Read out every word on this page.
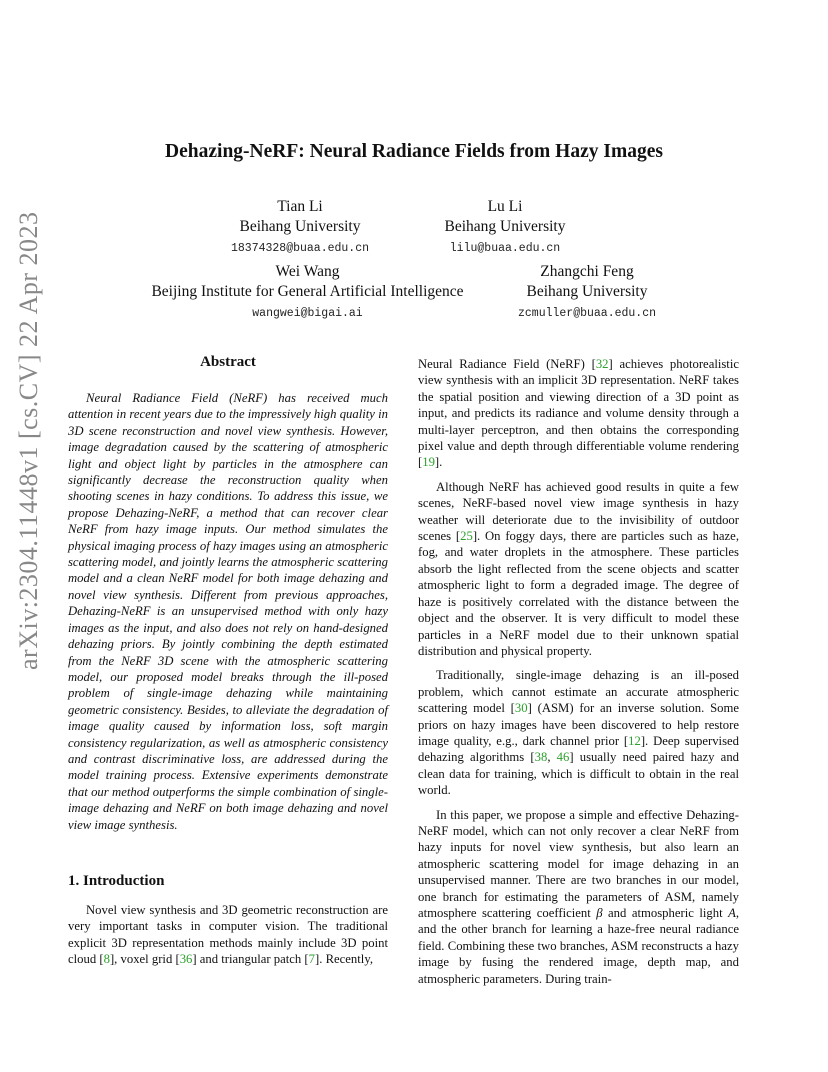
arXiv:2304.11448v1 [cs.CV] 22 Apr 2023
Dehazing-NeRF: Neural Radiance Fields from Hazy Images
Tian Li
Beihang University
18374328@buaa.edu.cn
Lu Li
Beihang University
lilu@buaa.edu.cn
Wei Wang
Beijing Institute for General Artificial Intelligence
wangwei@bigai.ai
Zhangchi Feng
Beihang University
zcmuller@buaa.edu.cn
Abstract

Neural Radiance Field (NeRF) has received much attention in recent years due to the impressively high quality in 3D scene reconstruction and novel view synthesis. However, image degradation caused by the scattering of atmospheric light and object light by particles in the atmosphere can significantly decrease the reconstruction quality when shooting scenes in hazy conditions. To address this issue, we propose Dehazing-NeRF, a method that can recover clear NeRF from hazy image inputs. Our method simulates the physical imaging process of hazy images using an atmospheric scattering model, and jointly learns the atmospheric scattering model and a clean NeRF model for both image dehazing and novel view synthesis. Different from previous approaches, Dehazing-NeRF is an unsupervised method with only hazy images as the input, and also does not rely on hand-designed dehazing priors. By jointly combining the depth estimated from the NeRF 3D scene with the atmospheric scattering model, our proposed model breaks through the ill-posed problem of single-image dehazing while maintaining geometric consistency. Besides, to alleviate the degradation of image quality caused by information loss, soft margin consistency regularization, as well as atmospheric consistency and contrast discriminative loss, are addressed during the model training process. Extensive experiments demonstrate that our method outperforms the simple combination of single-image dehazing and NeRF on both image dehazing and novel view image synthesis.

1. Introduction

Novel view synthesis and 3D geometric reconstruction are very important tasks in computer vision. The traditional explicit 3D representation methods mainly include 3D point cloud [8], voxel grid [36] and triangular patch [7]. Recently,

Neural Radiance Field (NeRF) [32] achieves photorealistic view synthesis with an implicit 3D representation. NeRF takes the spatial position and viewing direction of a 3D point as input, and predicts its radiance and volume density through a multi-layer perceptron, and then obtains the corresponding pixel value and depth through differentiable volume rendering [19].

Although NeRF has achieved good results in quite a few scenes, NeRF-based novel view image synthesis in hazy weather will deteriorate due to the invisibility of outdoor scenes [25]. On foggy days, there are particles such as haze, fog, and water droplets in the atmosphere. These particles absorb the light reflected from the scene objects and scatter atmospheric light to form a degraded image. The degree of haze is positively correlated with the distance between the object and the observer. It is very difficult to model these particles in a NeRF model due to their unknown spatial distribution and physical property.

Traditionally, single-image dehazing is an ill-posed problem, which cannot estimate an accurate atmospheric scattering model [30] (ASM) for an inverse solution. Some priors on hazy images have been discovered to help restore image quality, e.g., dark channel prior [12]. Deep supervised dehazing algorithms [38, 46] usually need paired hazy and clean data for training, which is difficult to obtain in the real world.

In this paper, we propose a simple and effective Dehazing-NeRF model, which can not only recover a clear NeRF from hazy inputs for novel view synthesis, but also learn an atmospheric scattering model for image dehazing in an unsupervised manner. There are two branches in our model, one branch for estimating the parameters of ASM, namely atmosphere scattering coefficient β and atmospheric light A, and the other branch for learning a haze-free neural radiance field. Combining these two branches, ASM reconstructs a hazy image by fusing the rendered image, depth map, and atmospheric parameters. During train-
